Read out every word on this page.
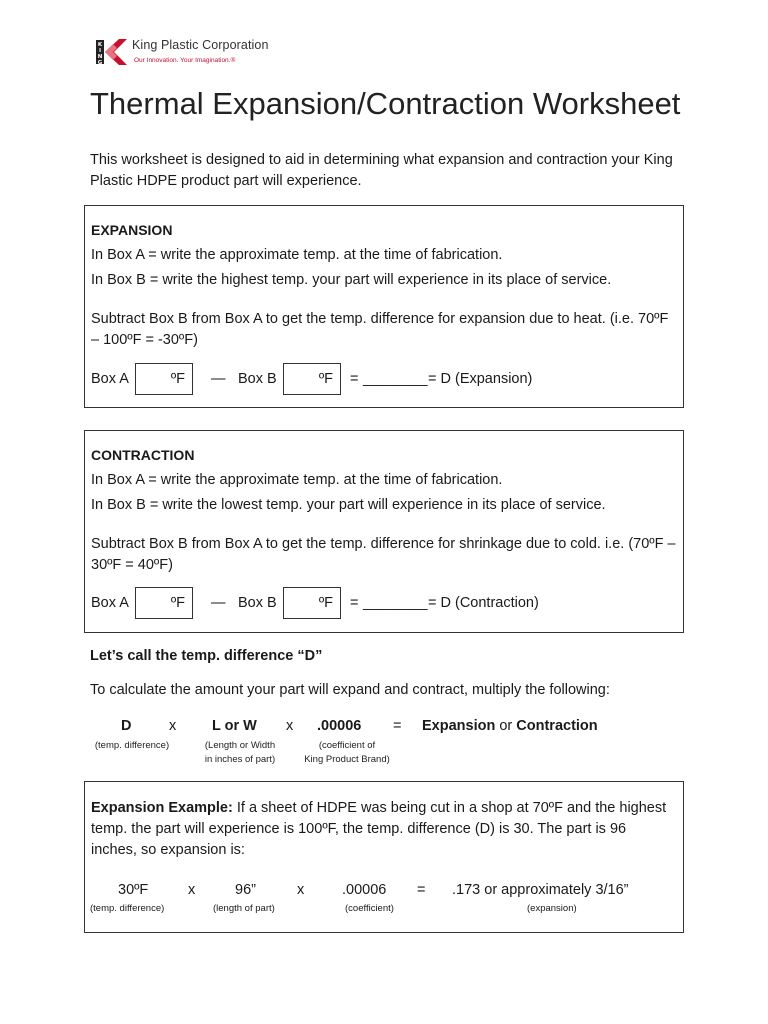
K
I
N
G
King Plastic Corporation
Our Innovation. Your Imagination.®
Thermal Expansion/Contraction Worksheet

This worksheet is designed to aid in determining what expansion and contraction your King Plastic HDPE product part will experience.

EXPANSION

In Box A = write the approximate temp. at the time of fabrication.

In Box B = write the highest temp. your part will experience in its place of service.

Subtract Box B from Box A to get the temp. difference for expansion due to heat. (i.e. 70ºF – 100ºF = -30ºF)

Box A	ºF — Box B	ºF = ________ = D (Expansion)
CONTRACTION

In Box A = write the approximate temp. at the time of fabrication.

In Box B = write the lowest temp. your part will experience in its place of service.

Subtract Box B from Box A to get the temp. difference for shrinkage due to cold. i.e. (70ºF – 30ºF = 40ºF)

Box A	ºF — Box B	ºF = ________ = D (Contraction)

Let’s call the temp. difference “D”

To calculate the amount your part will expand and contract, multiply the following:

D	x L or W x .00006 = Expansion or Contraction
(temp. difference)	(Length or Width
in inches of part)
(coefficient of
King Product Brand)

Expansion Example: If a sheet of HDPE was being cut in a shop at 70ºF and the highest temp. the part will experience is 100ºF, the temp. difference (D) is 30. The part is 96 inches, so expansion is:

30ºF	x	96”	x	.00006 = .173 or approximately 3/16”
(temp. difference)	(length of part)	(coefficient)	(expansion)
